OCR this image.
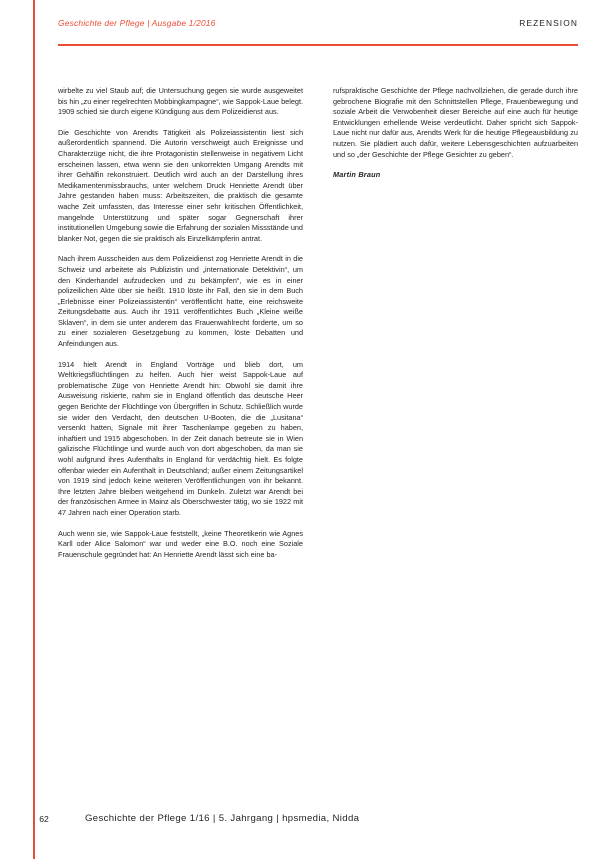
Geschichte der Pflege | Ausgabe 1/2016	REZENSION

wirbelte zu viel Staub auf; die Untersuchung gegen sie wurde ausgeweitet bis hin „zu einer regelrechten Mobbingkampagne“, wie Sappok-Laue belegt. 1909 schied sie durch eigene Kündigung aus dem Polizeidienst aus.

Die Geschichte von Arendts Tätigkeit als Polizeiassistentin liest sich außerordentlich spannend. Die Autorin verschweigt auch Ereignisse und Charakterzüge nicht, die ihre Protagonistin stellenweise in negativem Licht erscheinen lassen, etwa wenn sie den unkorrekten Umgang Arendts mit ihrer Gehälfin rekonstruiert. Deutlich wird auch an der Darstellung ihres Medikamentenmissbrauchs, unter welchem Druck Henriette Arendt über Jahre gestanden haben muss: Arbeitszeiten, die praktisch die gesamte wache Zeit umfassten, das Interesse einer sehr kritischen Öffentlichkeit, mangelnde Unterstützung und später sogar Gegnerschaft ihrer institutionellen Umgebung sowie die Erfahrung der sozialen Missstände und blanker Not, gegen die sie praktisch als Einzelkämpferin antrat.

Nach ihrem Ausscheiden aus dem Polizeidienst zog Henriette Arendt in die Schweiz und arbeitete als Publizistin und „internationale Detektivin“, um den Kinderhandel aufzudecken und zu bekämpfen“, wie es in einer polizeilichen Akte über sie heißt. 1910 löste ihr Fall, den sie in dem Buch „Erlebnisse einer Polizeiassistentin“ veröffentlicht hatte, eine reichsweite Zeitungsdebatte aus. Auch ihr 1911 veröffentlichtes Buch „Kleine weiße Sklaven“, in dem sie unter anderem das Frauenwahlrecht forderte, um so zu einer sozialeren Gesetzgebung zu kommen, löste Debatten und Anfeindungen aus.

1914 hielt Arendt in England Vorträge und blieb dort, um Weltkriegsflüchtlingen zu helfen. Auch hier weist Sappok-Laue auf problematische Züge von Henriette Arendt hin: Obwohl sie damit ihre Ausweisung riskierte, nahm sie in England öffentlich das deutsche Heer gegen Berichte der Flüchtlinge von Übergriffen in Schutz. Schließlich wurde sie wider den Verdacht, den deutschen U-Booten, die die „Lusitana“ versenkt hatten, Signale mit ihrer Taschenlampe gegeben zu haben, inhaftiert und 1915 abgeschoben. In der Zeit danach betreute sie in Wien galizische Flüchtlinge und wurde auch von dort abgeschoben, da man sie wohl aufgrund ihres Aufenthalts in England für verdächtig hielt. Es folgte offenbar wieder ein Aufenthalt in Deutschland; außer einem Zeitungsartikel von 1919 sind jedoch keine weiteren Veröffentlichungen von ihr bekannt. Ihre letzten Jahre bleiben weitgehend im Dunkeln. Zuletzt war Arendt bei der französischen Armee in Mainz als Oberschwester tätig, wo sie 1922 mit 47 Jahren nach einer Operation starb.

Auch wenn sie, wie Sappok-Laue feststellt, „keine Theoretikerin wie Agnes Karll oder Alice Salomon“ war und weder eine B.O. noch eine Soziale Frauenschule gegründet hat: An Henriette Arendt lässt sich eine ba-

rufspraktische Geschichte der Pflege nachvollziehen, die gerade durch ihre gebrochene Biografie mit den Schnittstellen Pflege, Frauenbewegung und soziale Arbeit die Verwobenheit dieser Bereiche auf eine auch für heutige Entwicklungen erhellende Weise verdeutlicht. Daher spricht sich Sappok-Laue nicht nur dafür aus, Arendts Werk für die heutige Pflegeausbildung zu nutzen. Sie plädiert auch dafür, weitere Lebensgeschichten aufzuarbeiten und so „der Geschichte der Pflege Gesichter zu geben“.

Martin Braun

62	Geschichte der Pflege 1/16 | 5. Jahrgang | hpsmedia, Nidda
